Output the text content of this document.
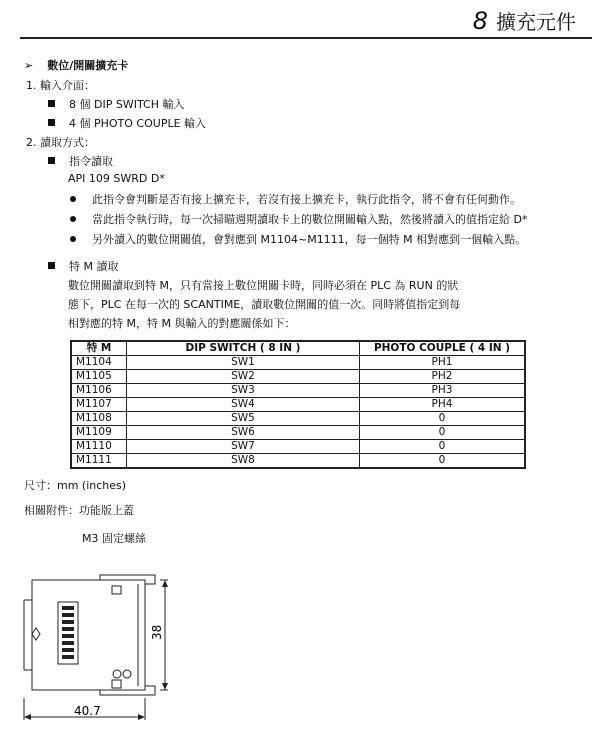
8 擴充元件
➢ 數位/開關擴充卡
1. 輸入介面：
8 個 DIP SWITCH 輸入
4 個 PHOTO COUPLE 輸入
2. 讀取方式：
指令讀取
API 109 SWRD D*
此指令會判斷是否有接上擴充卡，若沒有接上擴充卡，執行此指令，將不會有任何動作。
當此指令執行時，每一次掃瞄週期讀取卡上的數位開關輸入點，然後將讀入的值指定給 D*
另外讀入的數位開關值，會對應到 M1104~M1111，每一個特 M 相對應到一個輸入點。
特 M 讀取
數位開關讀取到特 M，只有當接上數位開關卡時，同時必須在 PLC 為 RUN 的狀
態下，PLC 在每一次的 SCANTIME，讀取數位開關的值一次。同時將值指定到每
相對應的特 M，特 M 與輸入的對應關係如下：
特 M	DIP SWITCH ( 8 IN )	PHOTO COUPLE ( 4 IN )
M1104	SW1	PH1
M1105	SW2	PH2
M1106	SW3	PH3
M1107	SW4	PH4
M1108	SW5	0
M1109	SW6	0
M1110	SW7	0
M1111	SW8	0
尺寸：mm (inches)
相關附件：功能版上蓋
M3 固定螺絲
40.7
38
